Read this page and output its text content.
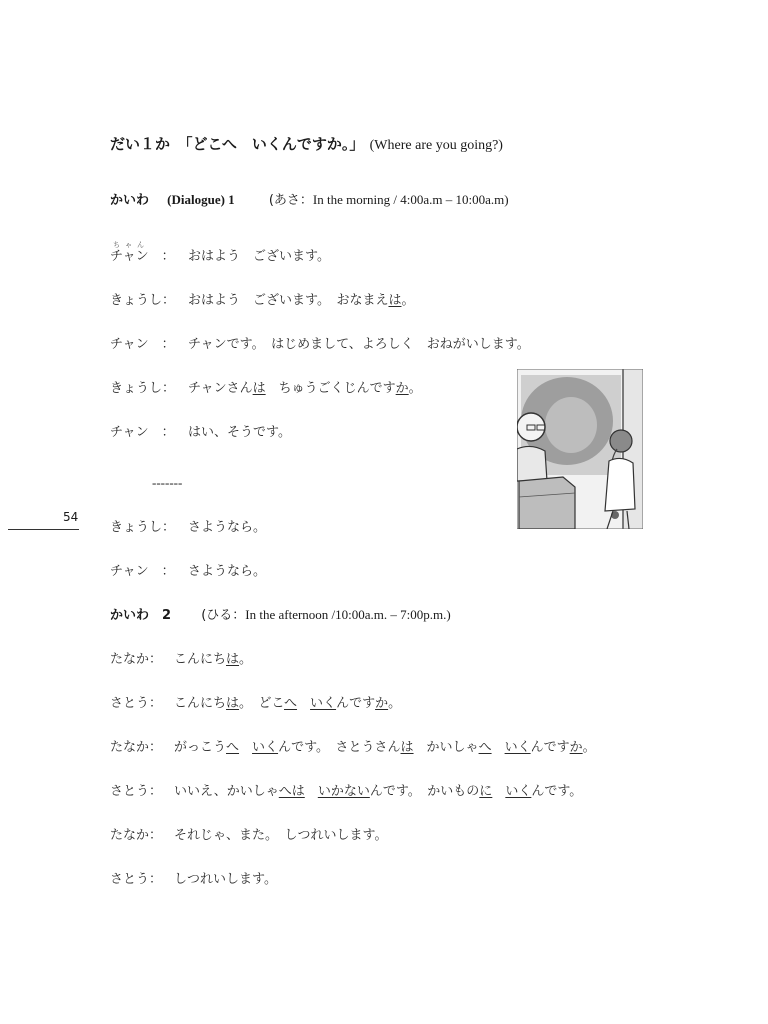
だい１か　「どこへ　いくんですか。」 (Where are you going?)
かいわ (Dialogue) 1	(あさ：In the morning / 4:00a.m – 10:00a.m)
ちゃん
チャン　： おはよう　ございます。
きょうし： おはよう　ございます。　おなまえは。
チャン　： チャンです。　はじめまして、よろしく　おねがいします。
きょうし： チャンさんは　ちゅうごくじんですか。
チャン　： はい、そうです。
-------
きょうし： さようなら。
チャン　： さようなら。
54
かいわ　2 (ひる：In the afternoon /10:00a.m. – 7:00p.m.)
たなか： こんにちは。
さとう： こんにちは。　どこへ　 いくんですか。
たなか： がっこうへ　 いくんです。　さとうさんは　かいしゃへ　 いくんですか。
さとう： いいえ、かいしゃへは　 いかないんです。　かいものに　 いくんです。
たなか： それじゃ、また。　しつれいします。
さとう： しつれいします。
